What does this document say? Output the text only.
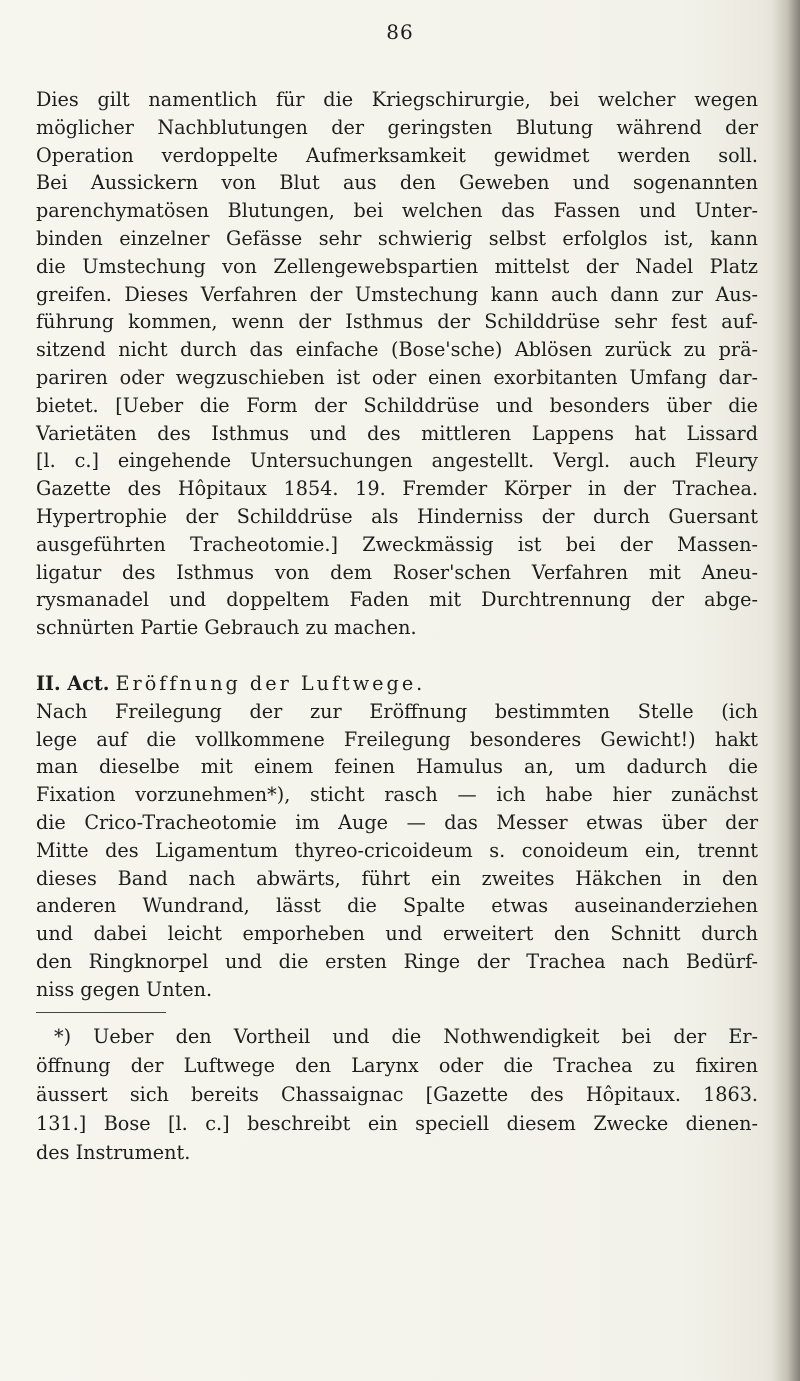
86
Dies gilt namentlich für die Kriegschirurgie, bei welcher wegen
möglicher Nachblutungen der geringsten Blutung während der
Operation verdoppelte Aufmerksamkeit gewidmet werden soll.
Bei Aussickern von Blut aus den Geweben und sogenannten
parenchymatösen Blutungen, bei welchen das Fassen und Unter-
binden einzelner Gefässe sehr schwierig selbst erfolglos ist, kann
die Umstechung von Zellengewebspartien mittelst der Nadel Platz
greifen. Dieses Verfahren der Umstechung kann auch dann zur Aus-
führung kommen, wenn der Isthmus der Schilddrüse sehr fest auf-
sitzend nicht durch das einfache (Bose'sche) Ablösen zurück zu prä-
pariren oder wegzuschieben ist oder einen exorbitanten Umfang dar-
bietet. [Ueber die Form der Schilddrüse und besonders über die
Varietäten des Isthmus und des mittleren Lappens hat Lissard
[l. c.] eingehende Untersuchungen angestellt. Vergl. auch Fleury
Gazette des Hôpitaux 1854. 19. Fremder Körper in der Trachea.
Hypertrophie der Schilddrüse als Hinderniss der durch Guersant
ausgeführten Tracheotomie.] Zweckmässig ist bei der Massen-
ligatur des Isthmus von dem Roser'schen Verfahren mit Aneu-
rysmanadel und doppeltem Faden mit Durchtrennung der abge-
schnürten Partie Gebrauch zu machen.
II. Act. Eröffnung der Luftwege.
Nach Freilegung der zur Eröffnung bestimmten Stelle (ich
lege auf die vollkommene Freilegung besonderes Gewicht!) hakt
man dieselbe mit einem feinen Hamulus an, um dadurch die
Fixation vorzunehmen*), sticht rasch — ich habe hier zunächst
die Crico-Tracheotomie im Auge — das Messer etwas über der
Mitte des Ligamentum thyreo-cricoideum s. conoideum ein, trennt
dieses Band nach abwärts, führt ein zweites Häkchen in den
anderen Wundrand, lässt die Spalte etwas auseinanderziehen
und dabei leicht emporheben und erweitert den Schnitt durch
den Ringknorpel und die ersten Ringe der Trachea nach Bedürf-
niss gegen Unten.
*) Ueber den Vortheil und die Nothwendigkeit bei der Er-
öffnung der Luftwege den Larynx oder die Trachea zu fixiren
äussert sich bereits Chassaignac [Gazette des Hôpitaux. 1863.
131.] Bose [l. c.] beschreibt ein speciell diesem Zwecke dienen-
des Instrument.
